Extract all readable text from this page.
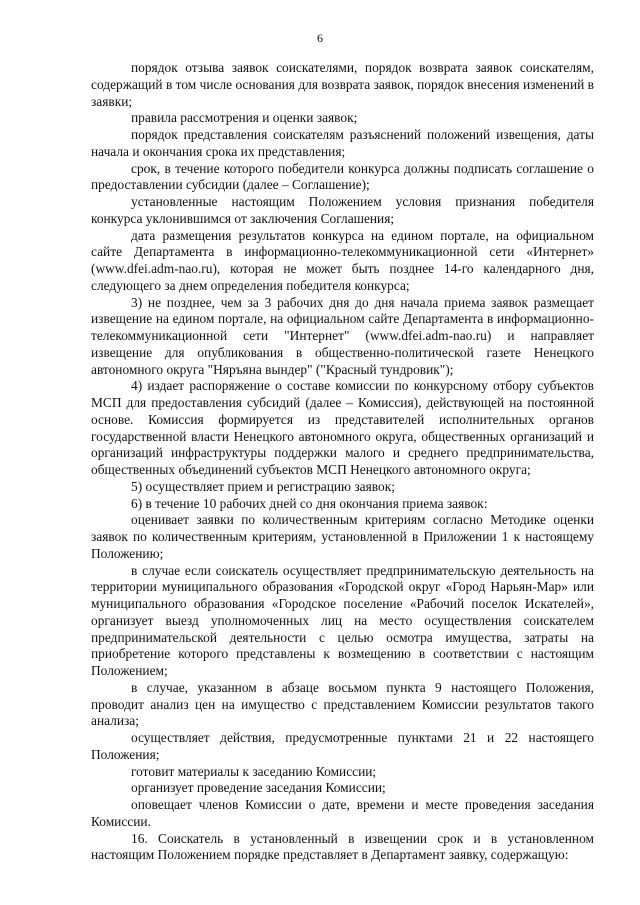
6

порядок отзыва заявок соискателями, порядок возврата заявок соискателям, содержащий в том числе основания для возврата заявок, порядок внесения изменений в заявки;

правила рассмотрения и оценки заявок;

порядок представления соискателям разъяснений положений извещения, даты начала и окончания срока их представления;

срок, в течение которого победители конкурса должны подписать соглашение о предоставлении субсидии (далее – Соглашение);

установленные настоящим Положением условия признания победителя конкурса уклонившимся от заключения Соглашения;

дата размещения результатов конкурса на едином портале, на официальном сайте Департамента в информационно-телекоммуникационной сети «Интернет» (www.dfei.adm-nao.ru), которая не может быть позднее 14-го календарного дня, следующего за днем определения победителя конкурса;

3) не позднее, чем за 3 рабочих дня до дня начала приема заявок размещает извещение на едином портале, на официальном сайте Департамента в информационно-телекоммуникационной сети "Интернет" (www.dfei.adm-nao.ru) и направляет извещение для опубликования в общественно-политической газете Ненецкого автономного округа "Няръяна вындер" ("Красный тундровик");

4) издает распоряжение о составе комиссии по конкурсному отбору субъектов МСП для предоставления субсидий (далее – Комиссия), действующей на постоянной основе. Комиссия формируется из представителей исполнительных органов государственной власти Ненецкого автономного округа, общественных организаций и организаций инфраструктуры поддержки малого и среднего предпринимательства, общественных объединений субъектов МСП Ненецкого автономного округа;

5) осуществляет прием и регистрацию заявок;

6) в течение 10 рабочих дней со дня окончания приема заявок:

оценивает заявки по количественным критериям согласно Методике оценки заявок по количественным критериям, установленной в Приложении 1 к настоящему Положению;

в случае если соискатель осуществляет предпринимательскую деятельность на территории муниципального образования «Городской округ «Город Нарьян-Мар» или муниципального образования «Городское поселение «Рабочий поселок Искателей», организует выезд уполномоченных лиц на место осуществления соискателем предпринимательской деятельности с целью осмотра имущества, затраты на приобретение которого представлены к возмещению в соответствии с настоящим Положением;

в случае, указанном в абзаце восьмом пункта 9 настоящего Положения, проводит анализ цен на имущество с представлением Комиссии результатов такого анализа;

осуществляет действия, предусмотренные пунктами 21 и 22 настоящего Положения;

готовит материалы к заседанию Комиссии;

организует проведение заседания Комиссии;

оповещает членов Комиссии о дате, времени и месте проведения заседания Комиссии.

16. Соискатель в установленный в извещении срок и в установленном настоящим Положением порядке представляет в Департамент заявку, содержащую:
